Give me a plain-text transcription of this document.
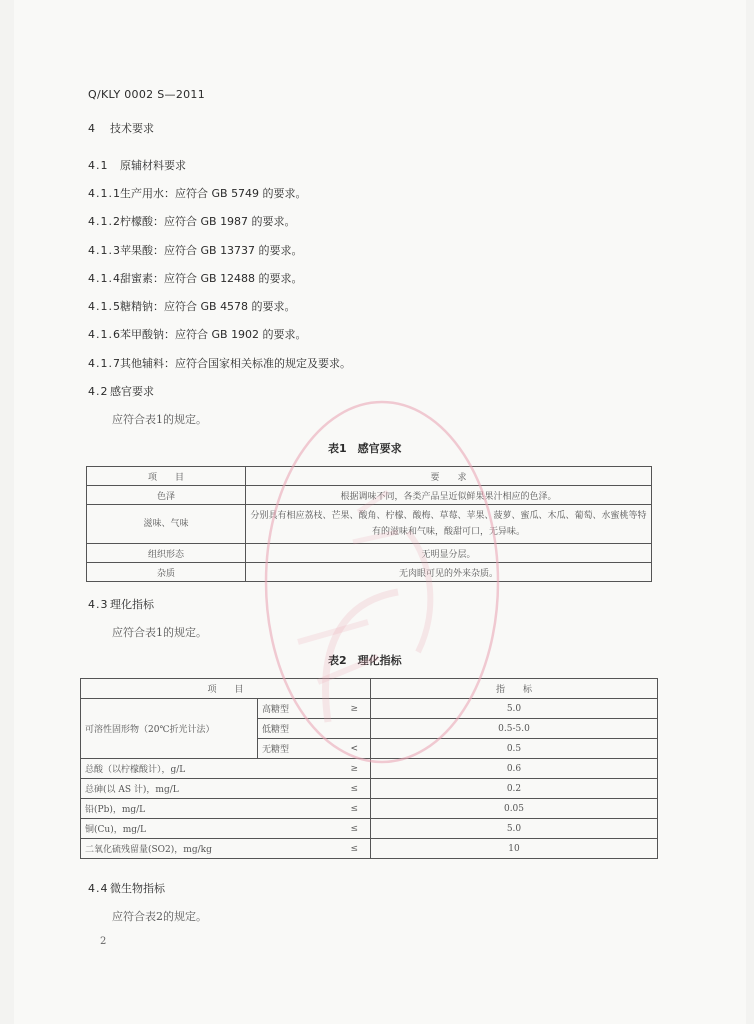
Q/KLY 0002 S—2011
4 技术要求
4.1 原辅材料要求
4.1.1生产用水：应符合 GB 5749 的要求。
4.1.2柠檬酸：应符合 GB 1987 的要求。
4.1.3苹果酸：应符合 GB 13737 的要求。
4.1.4甜蜜素：应符合 GB 12488 的要求。
4.1.5糖精钠：应符合 GB 4578 的要求。
4.1.6苯甲酸钠：应符合 GB 1902 的要求。
4.1.7其他辅料：应符合国家相关标准的规定及要求。
4.2 感官要求
应符合表1的规定。
表1　感官要求
项　　目	要　　求
色泽	根据调味不同，各类产品呈近似鲜果果汁相应的色泽。
滋味、气味	分别具有相应荔枝、芒果、酸角、柠檬、酸梅、草莓、苹果、菠萝、蜜瓜、木瓜、葡萄、水蜜桃等特有的滋味和气味，酸甜可口，无异味。
组织形态	无明显分层。
杂质	无肉眼可见的外来杂质。
4.3 理化指标
应符合表1的规定。
表2　理化指标
项　　目			指　　标
可溶性固形物（20℃折光计法）	高糖型	≥	5.0
	低糖型		0.5-5.0
	无糖型	<	0.5
总酸（以柠檬酸计），g/L		≥	0.6
总砷(以 AS 计)，mg/L		≤	0.2
铅(Pb)，mg/L		≤	0.05
铜(Cu)，mg/L		≤	5.0
二氧化硫残留量(SO2)，mg/kg		≤	10
4.4 微生物指标
应符合表2的规定。
2
